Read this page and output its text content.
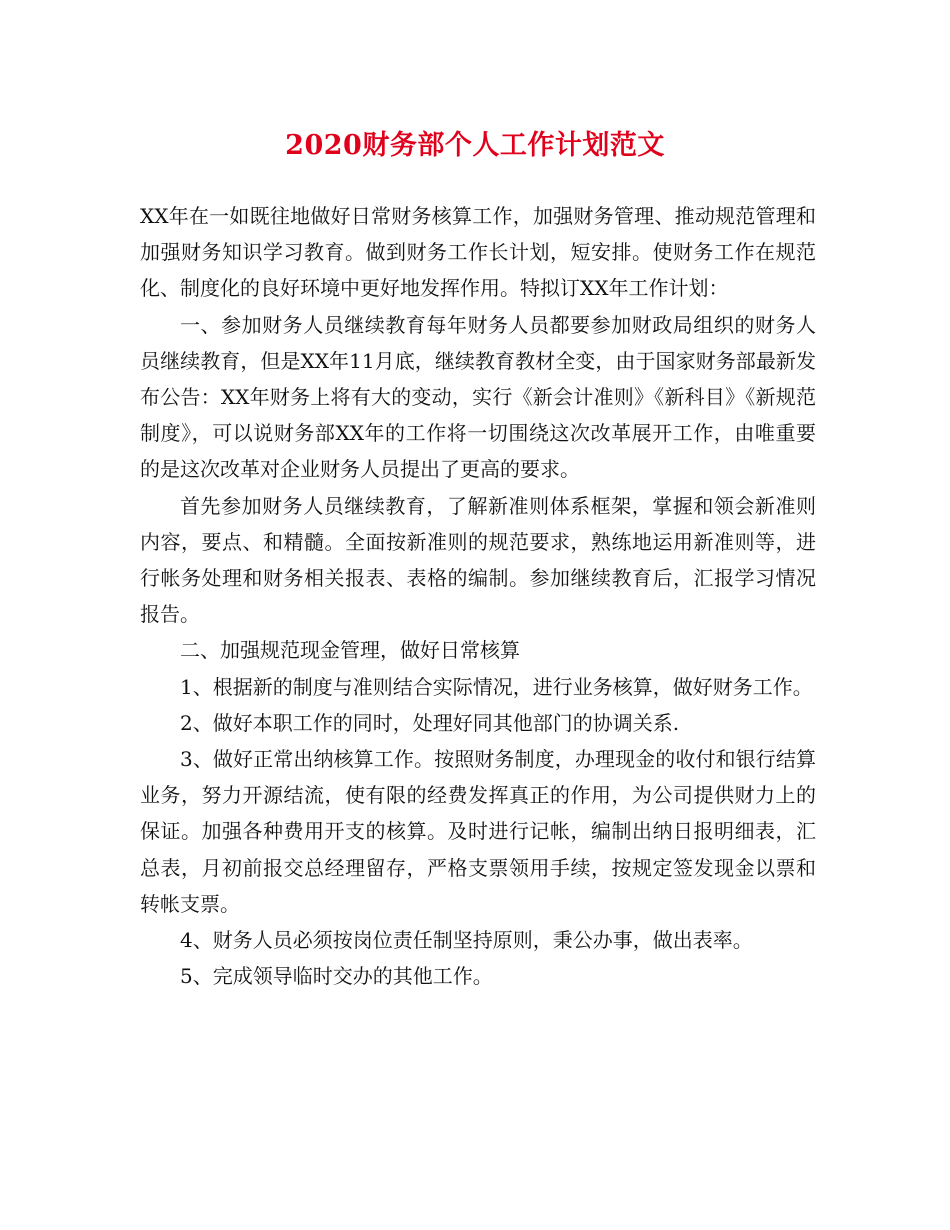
2020财务部个人工作计划范文

XX年在一如既往地做好日常财务核算工作，加强财务管理、推动规范管理和加强财务知识学习教育。做到财务工作长计划，短安排。使财务工作在规范化、制度化的良好环境中更好地发挥作用。特拟订XX年工作计划：

一、参加财务人员继续教育每年财务人员都要参加财政局组织的财务人员继续教育，但是XX年11月底，继续教育教材全变，由于国家财务部最新发布公告：XX年财务上将有大的变动，实行《新会计准则》《新科目》《新规范制度》，可以说财务部XX年的工作将一切围绕这次改革展开工作，由唯重要的是这次改革对企业财务人员提出了更高的要求。

首先参加财务人员继续教育，了解新准则体系框架，掌握和领会新准则内容，要点、和精髓。全面按新准则的规范要求，熟练地运用新准则等，进行帐务处理和财务相关报表、表格的编制。参加继续教育后，汇报学习情况报告。

二、加强规范现金管理，做好日常核算

1、根据新的制度与准则结合实际情况，进行业务核算，做好财务工作。

2、做好本职工作的同时，处理好同其他部门的协调关系.

3、做好正常出纳核算工作。按照财务制度，办理现金的收付和银行结算业务，努力开源结流，使有限的经费发挥真正的作用，为公司提供财力上的保证。加强各种费用开支的核算。及时进行记帐，编制出纳日报明细表，汇总表，月初前报交总经理留存，严格支票领用手续，按规定签发现金以票和转帐支票。

4、财务人员必须按岗位责任制坚持原则，秉公办事，做出表率。

5、完成领导临时交办的其他工作。
